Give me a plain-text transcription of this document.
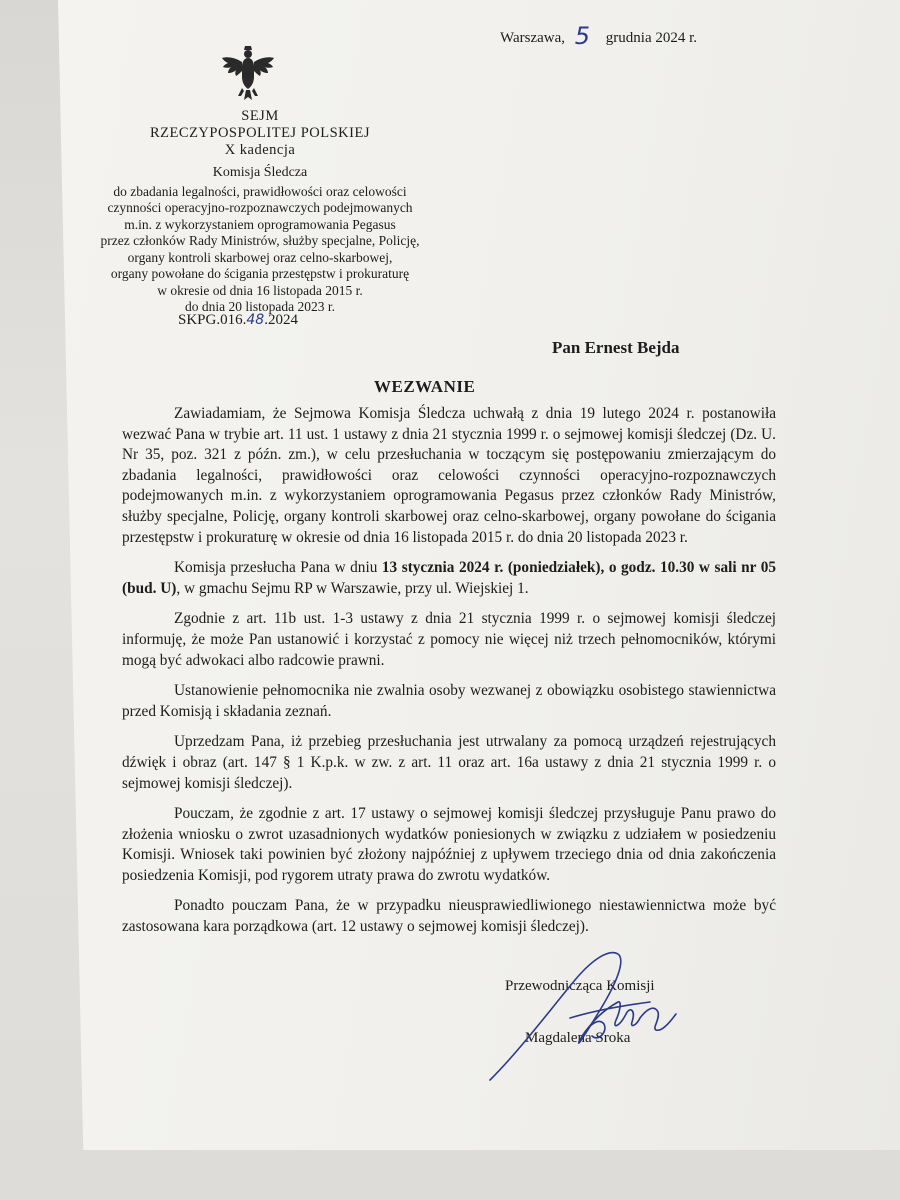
Warszawa, 5 grudnia 2024 r.
SEJM
RZECZYPOSPOLITEJ POLSKIEJ
X kadencja
Komisja Śledcza
do zbadania legalności, prawidłowości oraz celowości
czynności operacyjno-rozpoznawczych podejmowanych
m.in. z wykorzystaniem oprogramowania Pegasus
przez członków Rady Ministrów, służby specjalne, Policję,
organy kontroli skarbowej oraz celno-skarbowej,
organy powołane do ścigania przestępstw i prokuraturę
w okresie od dnia 16 listopada 2015 r.
do dnia 20 listopada 2023 r.
SKPG.016.48.2024
Pan Ernest Bejda
WEZWANIE

Zawiadamiam, że Sejmowa Komisja Śledcza uchwałą z dnia 19 lutego 2024 r. postanowiła wezwać Pana w trybie art. 11 ust. 1 ustawy z dnia 21 stycznia 1999 r. o sejmowej komisji śledczej (Dz. U. Nr 35, poz. 321 z późn. zm.), w celu przesłuchania w toczącym się postępowaniu zmierzającym do zbadania legalności, prawidłowości oraz celowości czynności operacyjno-rozpoznawczych podejmowanych m.in. z wykorzystaniem oprogramowania Pegasus przez członków Rady Ministrów, służby specjalne, Policję, organy kontroli skarbowej oraz celno-skarbowej, organy powołane do ścigania przestępstw i prokuraturę w okresie od dnia 16 listopada 2015 r. do dnia 20 listopada 2023 r.

Komisja przesłucha Pana w dniu 13 stycznia 2024 r. (poniedziałek), o godz. 10.30 w sali nr 05 (bud. U), w gmachu Sejmu RP w Warszawie, przy ul. Wiejskiej 1.

Zgodnie z art. 11b ust. 1-3 ustawy z dnia 21 stycznia 1999 r. o sejmowej komisji śledczej informuję, że może Pan ustanowić i korzystać z pomocy nie więcej niż trzech pełnomocników, którymi mogą być adwokaci albo radcowie prawni.

Ustanowienie pełnomocnika nie zwalnia osoby wezwanej z obowiązku osobistego stawiennictwa przed Komisją i składania zeznań.

Uprzedzam Pana, iż przebieg przesłuchania jest utrwalany za pomocą urządzeń rejestrujących dźwięk i obraz (art. 147 § 1 K.p.k. w zw. z art. 11 oraz art. 16a ustawy z dnia 21 stycznia 1999 r. o sejmowej komisji śledczej).

Pouczam, że zgodnie z art. 17 ustawy o sejmowej komisji śledczej przysługuje Panu prawo do złożenia wniosku o zwrot uzasadnionych wydatków poniesionych w związku z udziałem w posiedzeniu Komisji. Wniosek taki powinien być złożony najpóźniej z upływem trzeciego dnia od dnia zakończenia posiedzenia Komisji, pod rygorem utraty prawa do zwrotu wydatków.

Ponadto pouczam Pana, że w przypadku nieusprawiedliwionego niestawiennictwa może być zastosowana kara porządkowa (art. 12 ustawy o sejmowej komisji śledczej).

Przewodnicząca Komisji
Magdalena Sroka
